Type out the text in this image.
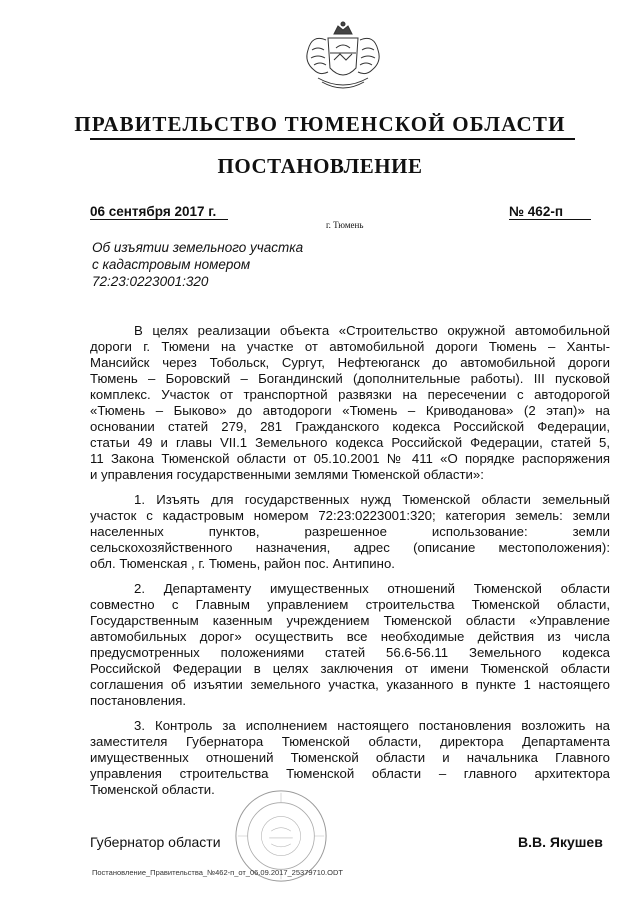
ПРАВИТЕЛЬСТВО ТЮМЕНСКОЙ ОБЛАСТИ
ПОСТАНОВЛЕНИЕ
06 сентября 2017 г.	№ 462-п
г. Тюмень
Об изъятии земельного участка
с кадастровым номером
72:23:0223001:320
В целях реализации объекта «Строительство окружной автомобильной
дороги г. Тюмени на участке от автомобильной дороги Тюмень – Ханты-
Мансийск через Тобольск, Сургут, Нефтеюганск до автомобильной дороги
Тюмень – Боровский – Богандинский (дополнительные работы). III пусковой
комплекс. Участок от транспортной развязки на пересечении с автодорогой
«Тюмень – Быково» до автодороги «Тюмень – Криводанова» (2 этап)» на
основании статей 279, 281 Гражданского кодекса Российской Федерации,
статьи 49 и главы VII.1 Земельного кодекса Российской Федерации, статей 5,
11 Закона Тюменской области от 05.10.2001 № 411 «О порядке распоряжения
и управления государственными землями Тюменской области»:
1. Изъять для государственных нужд Тюменской области земельный
участок с кадастровым номером 72:23:0223001:320; категория земель: земли
населенных пунктов, разрешенное использование: земли
сельскохозяйственного назначения, адрес (описание местоположения):
обл. Тюменская , г. Тюмень, район пос. Антипино.
2. Департаменту имущественных отношений Тюменской области
совместно с Главным управлением строительства Тюменской области,
Государственным казенным учреждением Тюменской области «Управление
автомобильных дорог» осуществить все необходимые действия из числа
предусмотренных положениями статей 56.6-56.11 Земельного кодекса
Российской Федерации в целях заключения от имени Тюменской области
соглашения об изъятии земельного участка, указанного в пункте 1 настоящего
постановления.
3. Контроль за исполнением настоящего постановления возложить на
заместителя Губернатора Тюменской области, директора Департамента
имущественных отношений Тюменской области и начальника Главного
управления строительства Тюменской области – главного архитектора
Тюменской области.
Губернатор области	В.В. Якушев
Постановление_Правительства_№462-п_от_06.09.2017_25379710.ODT
